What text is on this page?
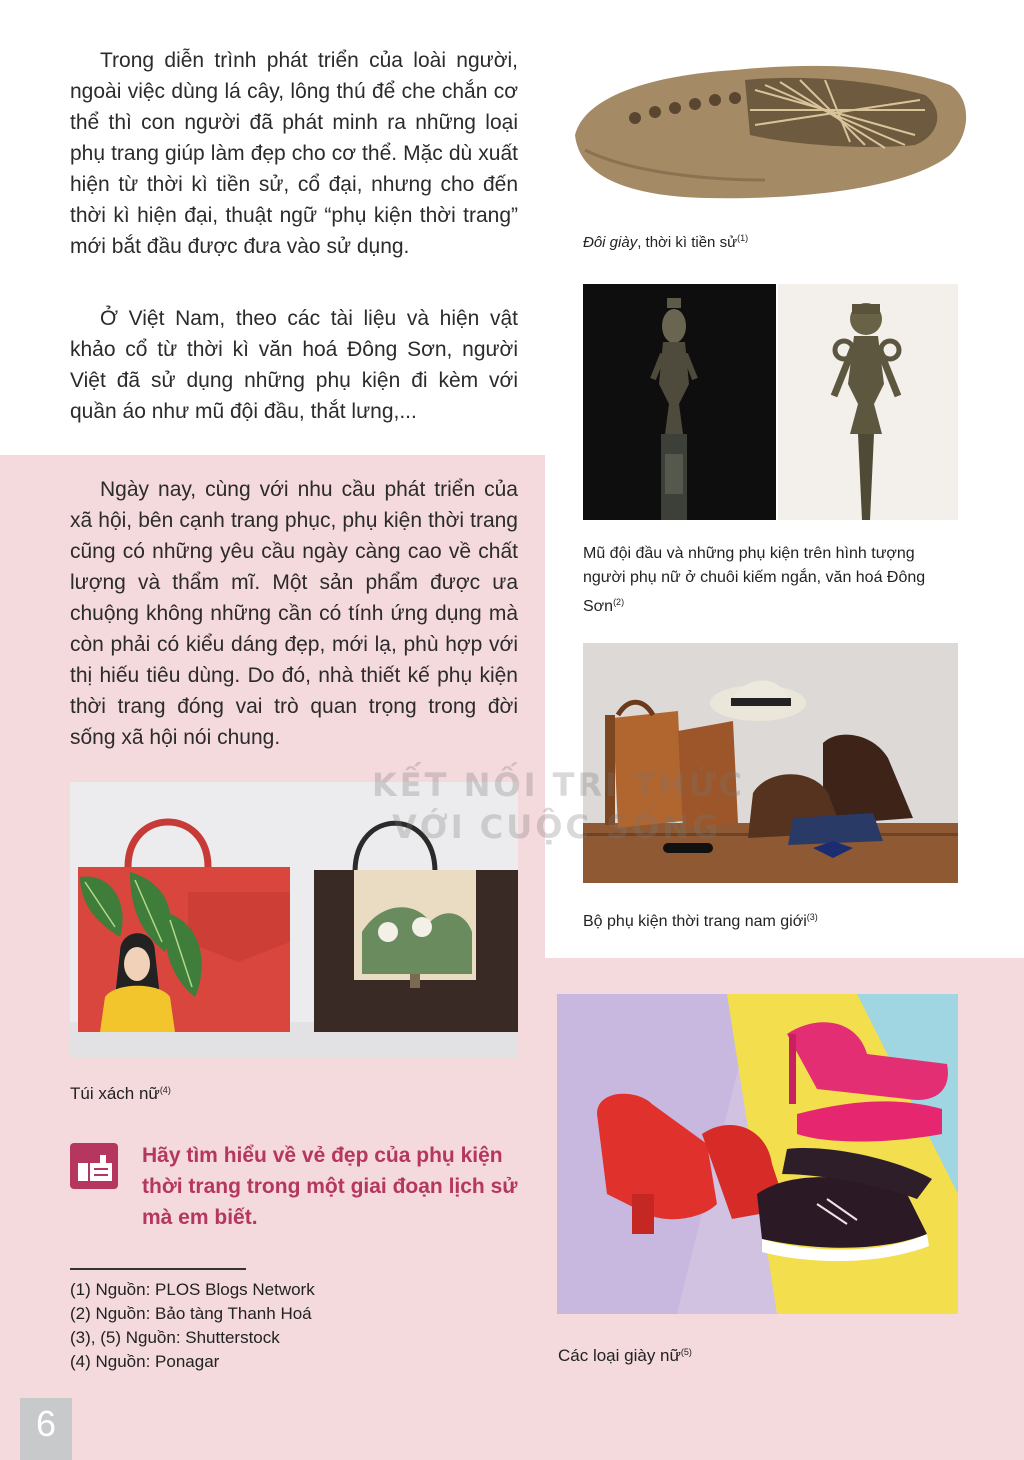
Trong diễn trình phát triển của loài người, ngoài việc dùng lá cây, lông thú để che chắn cơ thể thì con người đã phát minh ra những loại phụ trang giúp làm đẹp cho cơ thể. Mặc dù xuất hiện từ thời kì tiền sử, cổ đại, nhưng cho đến thời kì hiện đại, thuật ngữ “phụ kiện thời trang” mới bắt đầu được đưa vào sử dụng.

Ở Việt Nam, theo các tài liệu và hiện vật khảo cổ từ thời kì văn hoá Đông Sơn, người Việt đã sử dụng những phụ kiện đi kèm với quần áo như mũ đội đầu, thắt lưng,...

Ngày nay, cùng với nhu cầu phát triển của xã hội, bên cạnh trang phục, phụ kiện thời trang cũng có những yêu cầu ngày càng cao về chất lượng và thẩm mĩ. Một sản phẩm được ưa chuộng không những cần có tính ứng dụng mà còn phải có kiểu dáng đẹp, mới lạ, phù hợp với thị hiếu tiêu dùng. Do đó, nhà thiết kế phụ kiện thời trang đóng vai trò quan trọng trong đời sống xã hội nói chung.

Đôi giày, thời kì tiền sử$^{(1)}$
Mũ đội đầu và những phụ kiện trên hình tượng người phụ nữ ở chuôi kiếm ngắn, văn hoá Đông Sơn$^{(2)}$
Bộ phụ kiện thời trang nam giới$^{(3)}$
Túi xách nữ$^{(4)}$
Các loại giày nữ$^{(5)}$
KẾT NỐI TRI THỨC
VỚI CUỘC SỐNG
Hãy tìm hiểu về vẻ đẹp của phụ kiện thời trang trong một giai đoạn lịch sử mà em biết.
(1) Nguồn: PLOS Blogs Network
(2) Nguồn: Bảo tàng Thanh Hoá
(3), (5) Nguồn: Shutterstock
(4) Nguồn: Ponagar
6
